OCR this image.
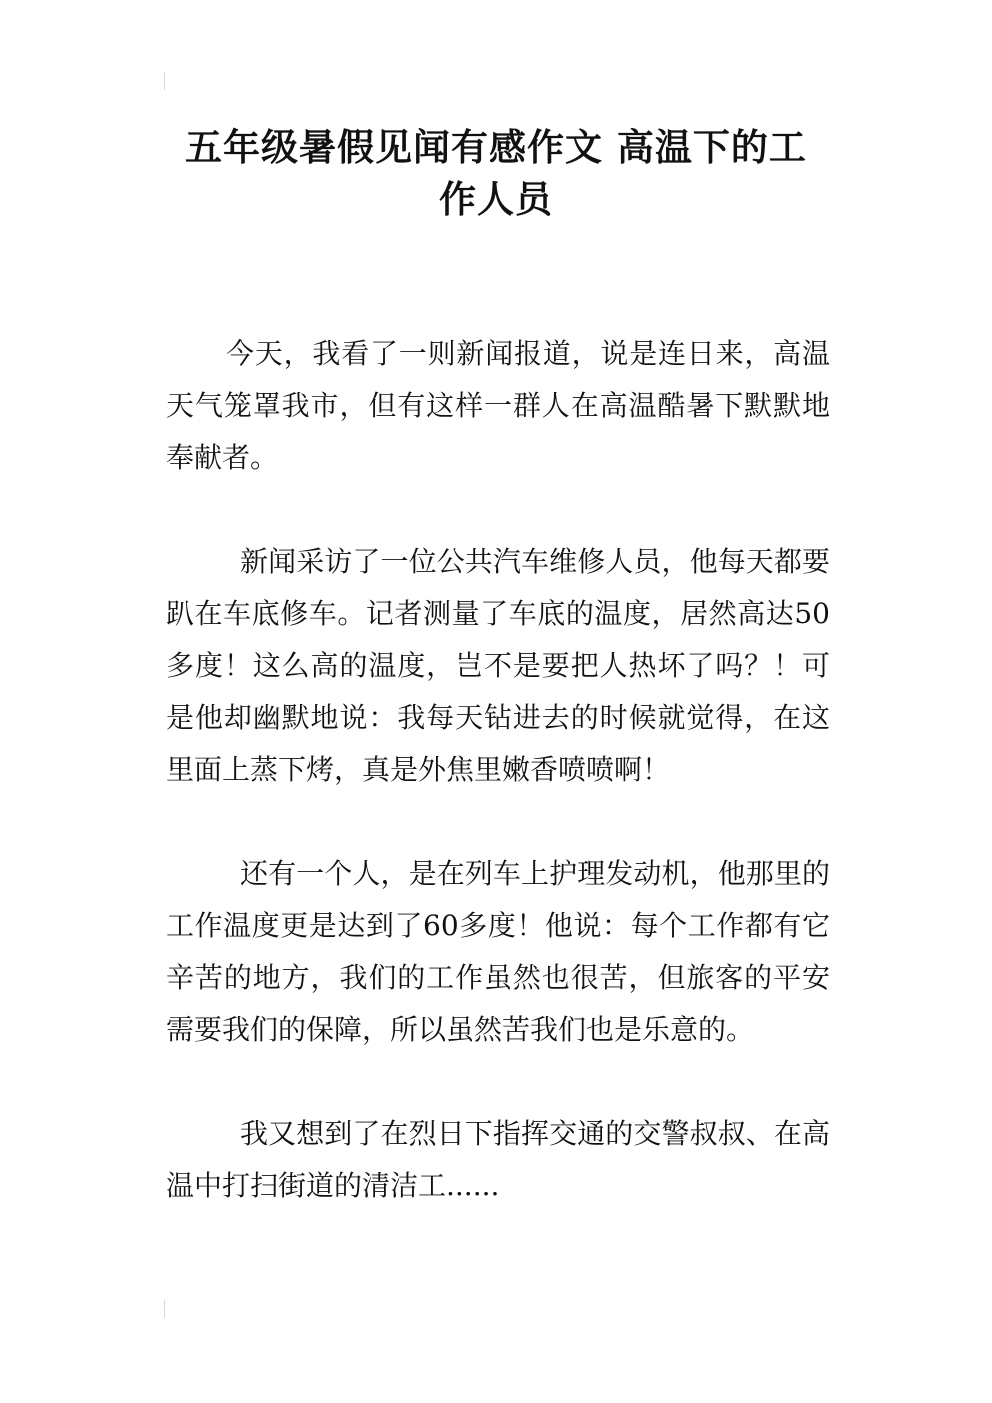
五年级暑假见闻有感作文 高温下的工
作人员

今天，我看了一则新闻报道，说是连日来，高温天气笼罩我市，但有这样一群人在高温酷暑下默默地奉献者。

新闻采访了一位公共汽车维修人员，他每天都要趴在车底修车。记者测量了车底的温度，居然高达50多度！这么高的温度，岂不是要把人热坏了吗？！可是他却幽默地说：我每天钻进去的时候就觉得，在这里面上蒸下烤，真是外焦里嫩香喷喷啊！

还有一个人，是在列车上护理发动机，他那里的工作温度更是达到了60多度！他说：每个工作都有它辛苦的地方，我们的工作虽然也很苦，但旅客的平安需要我们的保障，所以虽然苦我们也是乐意的。

我又想到了在烈日下指挥交通的交警叔叔、在高温中打扫街道的清洁工......
